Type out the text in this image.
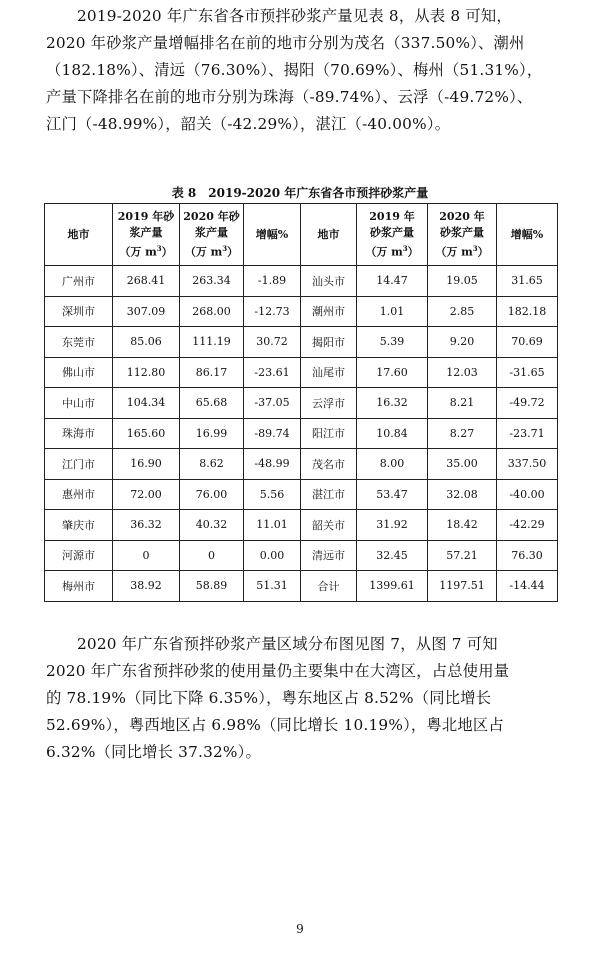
2019-2020 年广东省各市预拌砂浆产量见表 8，从表 8 可知，

2020 年砂浆产量增幅排名在前的地市分别为茂名（337.50%）、潮州

（182.18%）、清远（76.30%）、揭阳（70.69%）、梅州（51.31%），

产量下降排名在前的地市分别为珠海（-89.74%）、云浮（-49.72%）、

江门（-48.99%），韶关（-42.29%），湛江（-40.00%）。

表 8　2019-2020 年广东省各市预拌砂浆产量
地市	2019 年砂
浆产量
（万 $m^3$）	2020 年砂
浆产量
（万 $m^3$）	增幅%	地市	2019 年
砂浆产量
（万 $m^3$）	2020 年
砂浆产量
（万 $m^3$）	增幅%
广州市	268.41	263.34	-1.89	汕头市	14.47	19.05	31.65
深圳市	307.09	268.00	-12.73	潮州市	1.01	2.85	182.18
东莞市	85.06	111.19	30.72	揭阳市	5.39	9.20	70.69
佛山市	112.80	86.17	-23.61	汕尾市	17.60	12.03	-31.65
中山市	104.34	65.68	-37.05	云浮市	16.32	8.21	-49.72
珠海市	165.60	16.99	-89.74	阳江市	10.84	8.27	-23.71
江门市	16.90	8.62	-48.99	茂名市	8.00	35.00	337.50
惠州市	72.00	76.00	5.56	湛江市	53.47	32.08	-40.00
肇庆市	36.32	40.32	11.01	韶关市	31.92	18.42	-42.29
河源市	0	0	0.00	清远市	32.45	57.21	76.30
梅州市	38.92	58.89	51.31	合计	1399.61	1197.51	-14.44

2020 年广东省预拌砂浆产量区域分布图见图 7，从图 7 可知

2020 年广东省预拌砂浆的使用量仍主要集中在大湾区，占总使用量

的 78.19%（同比下降 6.35%），粤东地区占 8.52%（同比增长

52.69%），粤西地区占 6.98%（同比增长 10.19%），粤北地区占

6.32%（同比增长 37.32%）。

9
